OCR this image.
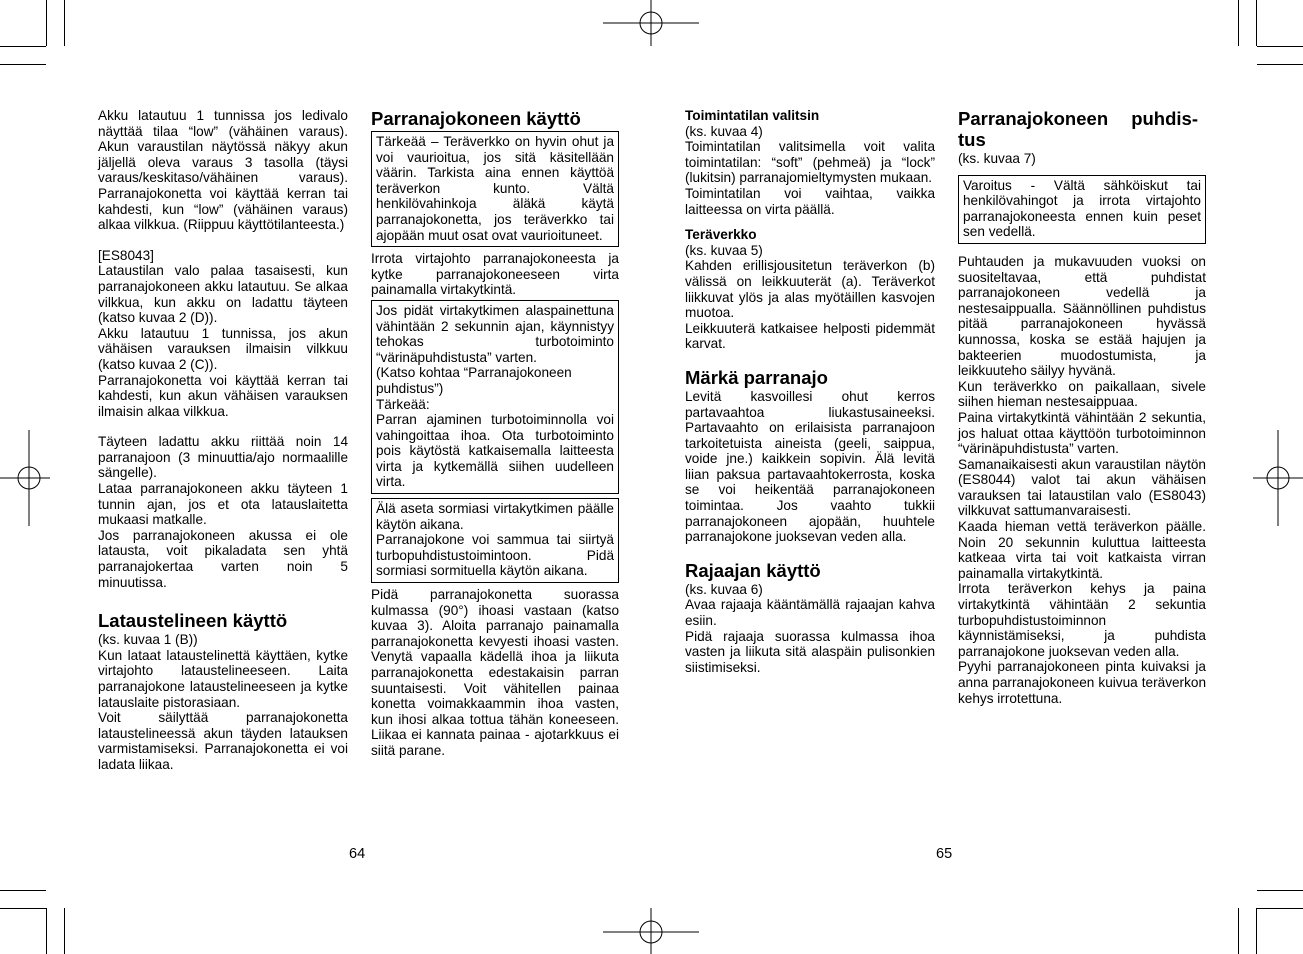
Akku latautuu 1 tunnissa jos ledivalo näyttää tilaa “low” (vähäinen varaus). Akun varaustilan näytössä näkyy akun jäljellä oleva varaus 3 tasolla (täysi varaus/keskitaso/vähäinen varaus). Parranajokonetta voi käyttää kerran tai kahdesti, kun “low” (vähäinen varaus) alkaa vilkkua. (Riippuu käyttötilanteesta.)

[ES8043]

Lataustilan valo palaa tasaisesti, kun parranajokoneen akku latautuu. Se alkaa vilkkua, kun akku on ladattu täyteen (katso kuvaa 2 (D)).

Akku latautuu 1 tunnissa, jos akun vähäisen varauksen ilmaisin vilkkuu (katso kuvaa 2 (C)).

Parranajokonetta voi käyttää kerran tai kahdesti, kun akun vähäisen varauksen ilmaisin alkaa vilkkua.

Täyteen ladattu akku riittää noin 14 parranajoon (3 minuuttia/ajo normaalille sängelle).

Lataa parranajokoneen akku täyteen 1 tunnin ajan, jos et ota latauslaitetta mukaasi matkalle.

Jos parranajokoneen akussa ei ole latausta, voit pikaladata sen yhtä parranajokertaa varten noin 5 minuutissa.

Lataustelineen käyttö

(ks. kuvaa 1 (B))

Kun lataat lataustelinettä käyttäen, kytke virtajohto lataustelineeseen. Laita parranajokone lataustelineeseen ja kytke latauslaite pistorasiaan.

Voit säilyttää parranajokonetta lataustelineessä akun täyden latauksen varmistamiseksi. Parranajokonetta ei voi ladata liikaa.

Parranajokoneen käyttö

Tärkeää – Teräverkko on hyvin ohut ja voi vaurioitua, jos sitä käsitellään väärin. Tarkista aina ennen käyttöä teräverkon kunto. Vältä henkilövahinkoja äläkä käytä parranajokonetta, jos teräverkko tai ajopään muut osat ovat vaurioituneet.

Irrota virtajohto parranajokoneesta ja kytke parranajokoneeseen virta painamalla virtakytkintä.

Jos pidät virtakytkimen alaspainettuna vähintään 2 sekunnin ajan, käynnistyy tehokas turbotoiminto “värinäpuhdistusta” varten.

(Katso kohtaa “Parranajokoneen puhdistus”)

Tärkeää:

Parran ajaminen turbotoiminnolla voi vahingoittaa ihoa. Ota turbotoiminto pois käytöstä katkaisemalla laitteesta virta ja kytkemällä siihen uudelleen virta.

Älä aseta sormiasi virtakytkimen päälle käytön aikana.

Parranajokone voi sammua tai siirtyä turbopuhdistustoimintoon. Pidä sormiasi sormituella käytön aikana.

Pidä parranajokonetta suorassa kulmassa (90°) ihoasi vastaan (katso kuvaa 3). Aloita parranajo painamalla parranajokonetta kevyesti ihoasi vasten. Venytä vapaalla kädellä ihoa ja liikuta parranajokonetta edestakaisin parran suuntaisesti. Voit vähitellen painaa konetta voimakkaammin ihoa vasten, kun ihosi alkaa tottua tähän koneeseen. Liikaa ei kannata painaa - ajotarkkuus ei siitä parane.

Toimintatilan valitsin

(ks. kuvaa 4)

Toimintatilan valitsimella voit valita toimintatilan: “soft” (pehmeä) ja “lock” (lukitsin) parranajomieltymysten mukaan.

Toimintatilan voi vaihtaa, vaikka laitteessa on virta päällä.

Teräverkko

(ks. kuvaa 5)

Kahden erillisjousitetun teräverkon (b) välissä on leikkuuterät (a). Teräverkot liikkuvat ylös ja alas myötäillen kasvojen muotoa.

Leikkuuterä katkaisee helposti pidemmät karvat.

Märkä parranajo

Levitä kasvoillesi ohut kerros partavaahtoa liukastusaineeksi. Partavaahto on erilaisista parranajoon tarkoitetuista aineista (geeli, saippua, voide jne.) kaikkein sopivin. Älä levitä liian paksua partavaahtokerrosta, koska se voi heikentää parranajokoneen toimintaa. Jos vaahto tukkii parranajokoneen ajopään, huuhtele parranajokone juoksevan veden alla.

Rajaajan käyttö

(ks. kuvaa 6)

Avaa rajaaja kääntämällä rajaajan kahva esiin.

Pidä rajaaja suorassa kulmassa ihoa vasten ja liikuta sitä alaspäin pulisonkien siistimiseksi.

Parranajokoneen puhdis- tus

(ks. kuvaa 7)

Varoitus - Vältä sähköiskut tai henkilövahingot ja irrota virtajohto parranajokoneesta ennen kuin peset sen vedellä.

Puhtauden ja mukavuuden vuoksi on suositeltavaa, että puhdistat parranajokoneen vedellä ja nestesaippualla. Säännöllinen puhdistus pitää parranajokoneen hyvässä kunnossa, koska se estää hajujen ja bakteerien muodostumista, ja leikkuuteho säilyy hyvänä.

Kun teräverkko on paikallaan, sivele siihen hieman nestesaippuaa.

Paina virtakytkintä vähintään 2 sekuntia, jos haluat ottaa käyttöön turbotoiminnon “värinäpuhdistusta” varten.

Samanaikaisesti akun varaustilan näytön (ES8044) valot tai akun vähäisen varauksen tai lataustilan valo (ES8043) vilkkuvat sattumanvaraisesti.

Kaada hieman vettä teräverkon päälle. Noin 20 sekunnin kuluttua laitteesta katkeaa virta tai voit katkaista virran painamalla virtakytkintä.

Irrota teräverkon kehys ja paina virtakytkintä vähintään 2 sekuntia turbopuhdistustoiminnon käynnistämiseksi, ja puhdista parranajokone juoksevan veden alla.

Pyyhi parranajokoneen pinta kuivaksi ja anna parranajokoneen kuivua teräverkon kehys irrotettuna.

64	65
